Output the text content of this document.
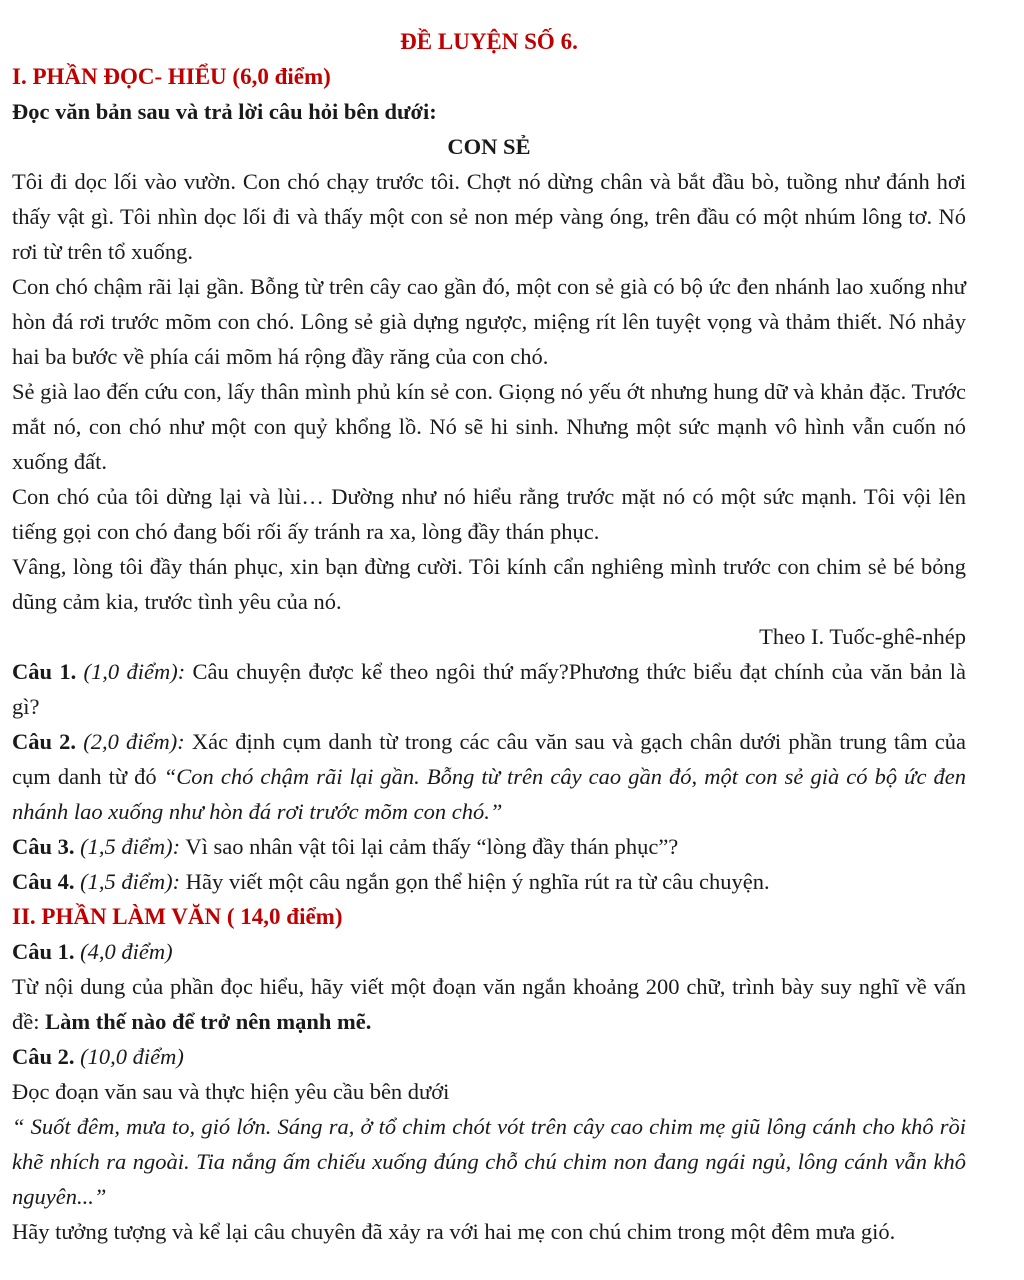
ĐỀ LUYỆN SỐ 6.
I. PHẦN ĐỌC- HIỂU (6,0 điểm)
Đọc văn bản sau và trả lời câu hỏi bên dưới:
CON SẺ

Tôi đi dọc lối vào vườn. Con chó chạy trước tôi. Chợt nó dừng chân và bắt đầu bò, tuồng như đánh hơi thấy vật gì. Tôi nhìn dọc lối đi và thấy một con sẻ non mép vàng óng, trên đầu có một nhúm lông tơ. Nó rơi từ trên tổ xuống.

Con chó chậm rãi lại gần. Bỗng từ trên cây cao gần đó, một con sẻ già có bộ ức đen nhánh lao xuống như hòn đá rơi trước mõm con chó. Lông sẻ già dựng ngược, miệng rít lên tuyệt vọng và thảm thiết. Nó nhảy hai ba bước về phía cái mõm há rộng đầy răng của con chó.

Sẻ già lao đến cứu con, lấy thân mình phủ kín sẻ con. Giọng nó yếu ớt nhưng hung dữ và khản đặc. Trước mắt nó, con chó như một con quỷ khổng lồ. Nó sẽ hi sinh. Nhưng một sức mạnh vô hình vẫn cuốn nó xuống đất.

Con chó của tôi dừng lại và lùi… Dường như nó hiểu rằng trước mặt nó có một sức mạnh. Tôi vội lên tiếng gọi con chó đang bối rối ấy tránh ra xa, lòng đầy thán phục.

Vâng, lòng tôi đầy thán phục, xin bạn đừng cười. Tôi kính cẩn nghiêng mình trước con chim sẻ bé bỏng dũng cảm kia, trước tình yêu của nó.

Theo I. Tuốc-ghê-nhép

Câu 1. (1,0 điểm): Câu chuyện được kể theo ngôi thứ mấy?Phương thức biểu đạt chính của văn bản là gì?

Câu 2. (2,0 điểm): Xác định cụm danh từ trong các câu văn sau và gạch chân dưới phần trung tâm của cụm danh từ đó “Con chó chậm rãi lại gần. Bỗng từ trên cây cao gần đó, một con sẻ già có bộ ức đen nhánh lao xuống như hòn đá rơi trước mõm con chó.”

Câu 3. (1,5 điểm): Vì sao nhân vật tôi lại cảm thấy “lòng đầy thán phục”?

Câu 4. (1,5 điểm): Hãy viết một câu ngắn gọn thể hiện ý nghĩa rút ra từ câu chuyện.

II. PHẦN LÀM VĂN ( 14,0 điểm)
Câu 1. (4,0 điểm)

Từ nội dung của phần đọc hiểu, hãy viết một đoạn văn ngắn khoảng 200 chữ, trình bày suy nghĩ về vấn đề: Làm thế nào để trở nên mạnh mẽ.

Câu 2. (10,0 điểm)

Đọc đoạn văn sau và thực hiện yêu cầu bên dưới

“ Suốt đêm, mưa to, gió lớn. Sáng ra, ở tổ chim chót vót trên cây cao chim mẹ giũ lông cánh cho khô rồi khẽ nhích ra ngoài. Tia nắng ấm chiếu xuống đúng chỗ chú chim non đang ngái ngủ, lông cánh vẫn khô nguyên...”

Hãy tưởng tượng và kể lại câu chuyên đã xảy ra với hai mẹ con chú chim trong một đêm mưa gió.
